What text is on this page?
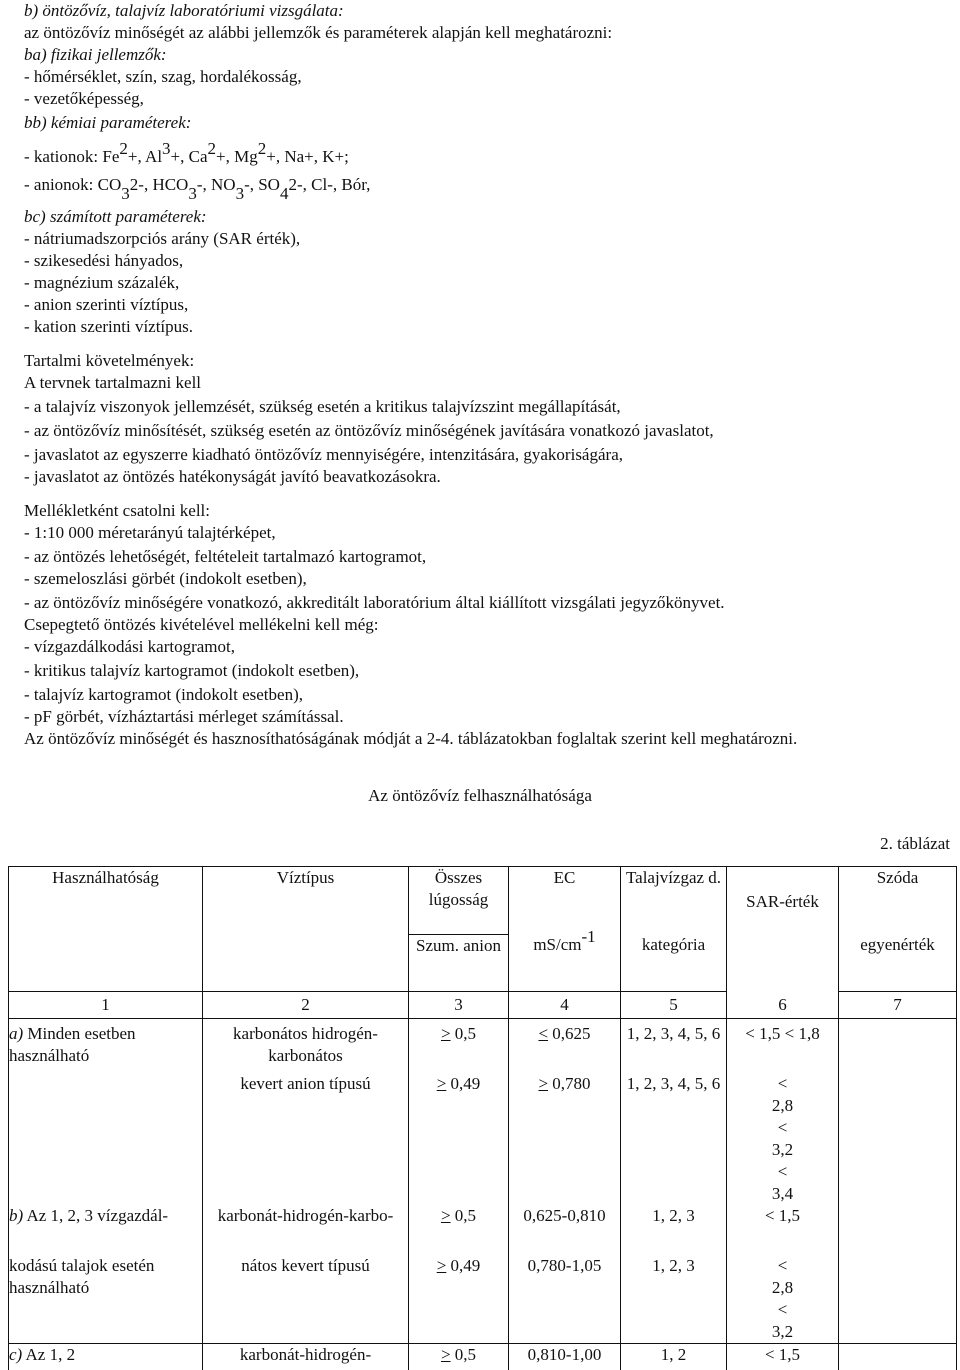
b) öntözővíz, talajvíz laboratóriumi vizsgálata:
az öntözővíz minőségét az alábbi jellemzők és paraméterek alapján kell meghatározni:
ba) fizikai jellemzők:
- hőmérséklet, szín, szag, hordalékosság,
- vezetőképesség,
bb) kémiai paraméterek:
- kationok: $Fe^2+$, $Al^3+$, $Ca^2+$, $Mg^2+$, Na+, K+;
- anionok: $CO_32-$, $HCO_3-$, $NO_3-$, $SO_42-$, Cl-, Bór,
bc) számított paraméterek:
- nátriumadszorpciós arány (SAR érték),
- szikesedési hányados,
- magnézium százalék,
- anion szerinti víztípus,
- kation szerinti víztípus.
Tartalmi követelmények:
A tervnek tartalmazni kell
- a talajvíz viszonyok jellemzését, szükség esetén a kritikus talajvízszint megállapítását,
- az öntözővíz minősítését, szükség esetén az öntözővíz minőségének javítására vonatkozó javaslatot,
- javaslatot az egyszerre kiadható öntözővíz mennyiségére, intenzitására, gyakoriságára,
- javaslatot az öntözés hatékonyságát javító beavatkozásokra.
Mellékletként csatolni kell:
- 1:10 000 méretarányú talajtérképet,
- az öntözés lehetőségét, feltételeit tartalmazó kartogramot,
- szemeloszlási görbét (indokolt esetben),
- az öntözővíz minőségére vonatkozó, akkreditált laboratórium által kiállított vizsgálati jegyzőkönyvet.
Csepegtető öntözés kivételével mellékelni kell még:
- vízgazdálkodási kartogramot,
- kritikus talajvíz kartogramot (indokolt esetben),
- talajvíz kartogramot (indokolt esetben),
- pF görbét, vízháztartási mérleget számítással.
Az öntözővíz minőségét és hasznosíthatóságának módját a 2-4. táblázatokban foglaltak szerint kell meghatározni.
Az öntözővíz felhasználhatósága
2. táblázat
Használhatóság	Víztípus	Összes lúgosság	EC	Talajvízgaz d.	SAR-érték	Szóda
		Szum. anion	$mS/cm^{-1}$	kategória		egyenérték
1	2	3	4	5	6	7
a) Minden esetben használható	karbonátos hidrogén-karbonátos	> 0,5	< 0,625	1, 2, 3, 4, 5, 6	< 1,5 < 1,8	
	kevert anion típusú	> 0,49	> 0,780	1, 2, 3, 4, 5, 6	< 2,8 < 3,2 < 3,4	
b) Az 1, 2, 3 vízgazdál-	karbonát-hidrogén-karbo-	> 0,5	0,625-0,810	1, 2, 3	< 1,5	
kodású talajok esetén használható	nátos kevert típusú	> 0,49	0,780-1,05	1, 2, 3	< 2,8 < 3,2	
c) Az 1, 2	karbonát-hidrogén-	> 0,5	0,810-1,00	1, 2	< 1,5	
